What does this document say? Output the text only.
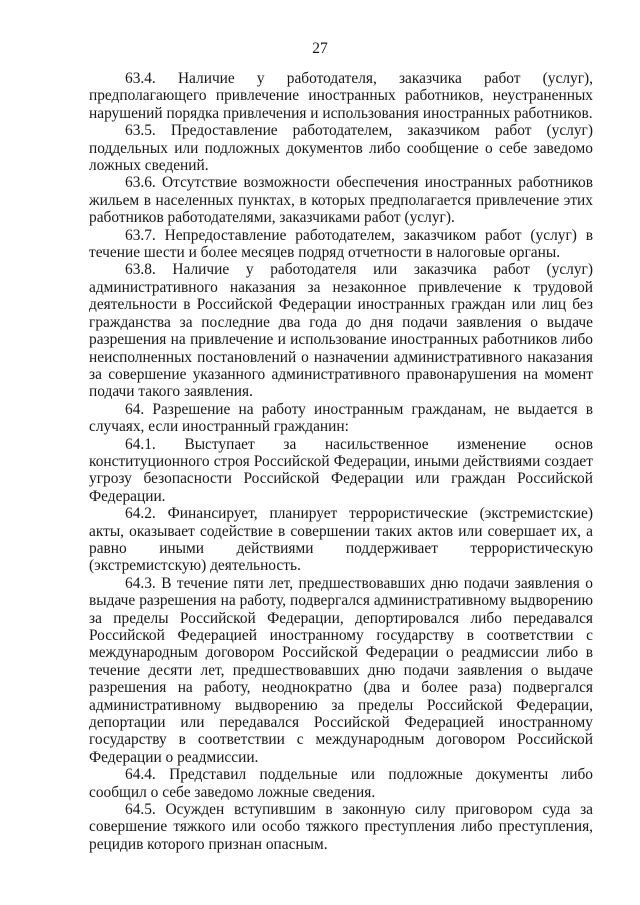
27

63.4. Наличие у работодателя, заказчика работ (услуг), предполагающего привлечение иностранных работников, неустраненных нарушений порядка привлечения и использования иностранных работников.

63.5. Предоставление работодателем, заказчиком работ (услуг) поддельных или подложных документов либо сообщение о себе заведомо ложных сведений.

63.6. Отсутствие возможности обеспечения иностранных работников жильем в населенных пунктах, в которых предполагается привлечение этих работников работодателями, заказчиками работ (услуг).

63.7. Непредоставление работодателем, заказчиком работ (услуг) в течение шести и более месяцев подряд отчетности в налоговые органы.

63.8. Наличие у работодателя или заказчика работ (услуг) административного наказания за незаконное привлечение к трудовой деятельности в Российской Федерации иностранных граждан или лиц без гражданства за последние два года до дня подачи заявления о выдаче разрешения на привлечение и использование иностранных работников либо неисполненных постановлений о назначении административного наказания за совершение указанного административного правонарушения на момент подачи такого заявления.

64. Разрешение на работу иностранным гражданам, не выдается в случаях, если иностранный гражданин:

64.1. Выступает за насильственное изменение основ конституционного строя Российской Федерации, иными действиями создает угрозу безопасности Российской Федерации или граждан Российской Федерации.

64.2. Финансирует, планирует террористические (экстремистские) акты, оказывает содействие в совершении таких актов или совершает их, а равно иными действиями поддерживает террористическую (экстремистскую) деятельность.

64.3. В течение пяти лет, предшествовавших дню подачи заявления о выдаче разрешения на работу, подвергался административному выдворению за пределы Российской Федерации, депортировался либо передавался Российской Федерацией иностранному государству в соответствии с международным договором Российской Федерации о реадмиссии либо в течение десяти лет, предшествовавших дню подачи заявления о выдаче разрешения на работу, неоднократно (два и более раза) подвергался административному выдворению за пределы Российской Федерации, депортации или передавался Российской Федерацией иностранному государству в соответствии с международным договором Российской Федерации о реадмиссии.

64.4. Представил поддельные или подложные документы либо сообщил о себе заведомо ложные сведения.

64.5. Осужден вступившим в законную силу приговором суда за совершение тяжкого или особо тяжкого преступления либо преступления, рецидив которого признан опасным.
